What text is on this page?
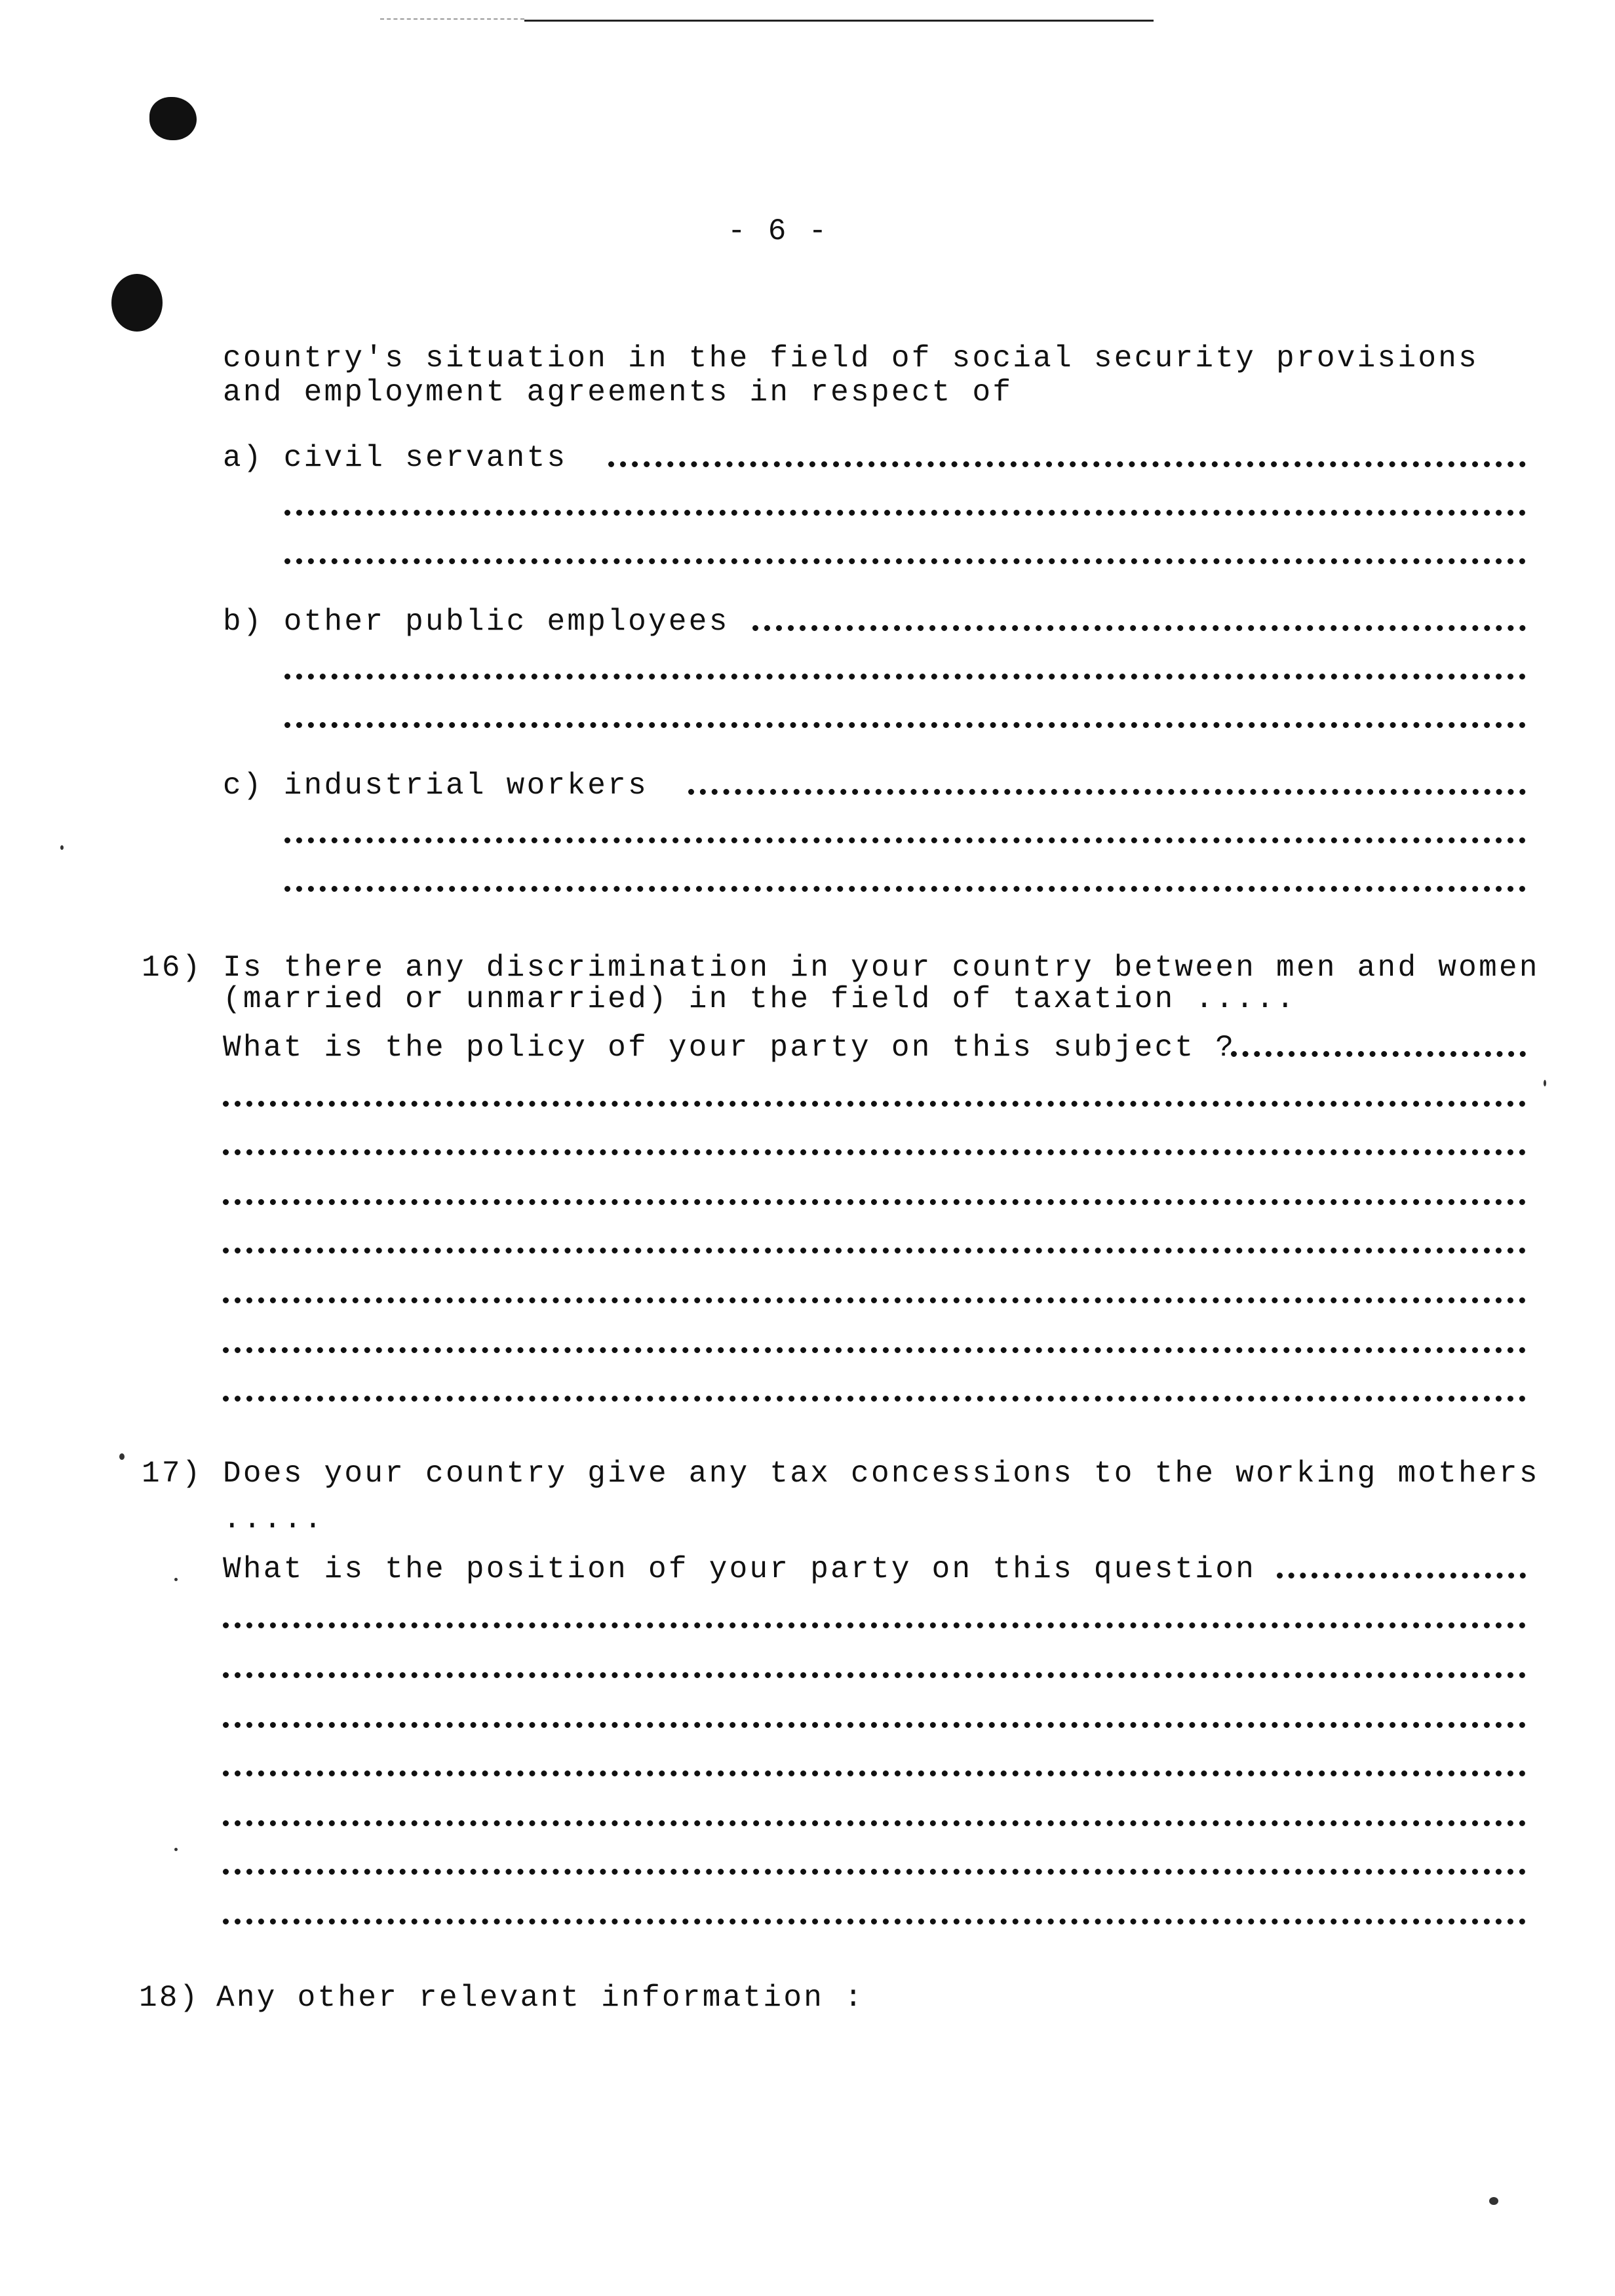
- 6 -
country's situation in the field of social security provisions
and employment agreements in respect of
a) civil servants
b) other public employees
c) industrial workers
16) Is there any discrimination in your country between men and women
(married or unmarried) in the field of taxation .....
What is the policy of your party on this subject ?
17) Does your country give any tax concessions to the working mothers
.....
What is the position of your party on this question
18) Any other relevant information :
